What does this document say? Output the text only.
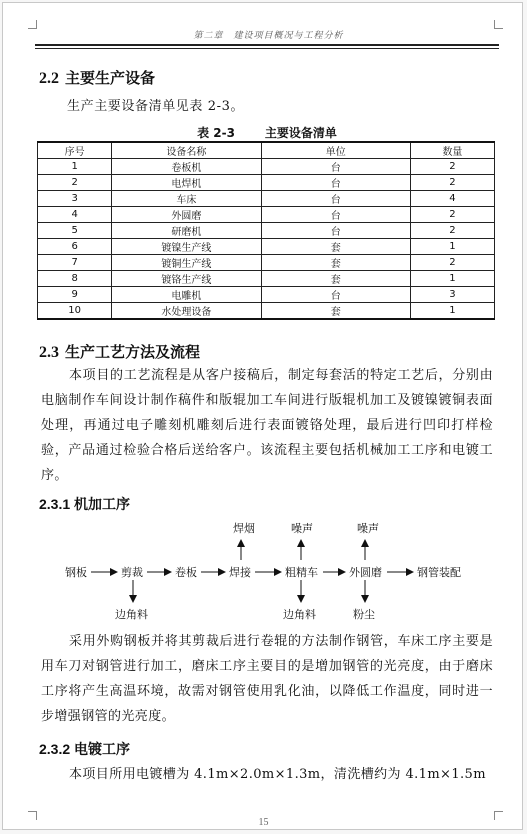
第二章　建设项目概况与工程分析
2.2 主要生产设备
生产主要设备清单见表 2-3。
表 2-3	主要设备清单
序号	设备名称	单位	数量
1	卷板机	台	2
2	电焊机	台	2
3	车床	台	4
4	外圆磨	台	2
5	研磨机	台	2
6	镀镍生产线	套	1
7	镀铜生产线	套	2
8	镀铬生产线	套	1
9	电雕机	台	3
10	水处理设备	套	1
2.3 生产工艺方法及流程
本项目的工艺流程是从客户接稿后，制定每套活的特定工艺后，分别由电脑制作车间设计制作稿件和版辊加工车间进行版辊机加工及镀镍镀铜表面处理，再通过电子雕刻机雕刻后进行表面镀铬处理，最后进行凹印打样检验，产品通过检验合格后送给客户。该流程主要包括机械加工工序和电镀工序。
2.3.1 机加工序
钢板	剪裁	卷板	焊接	粗精车	外圆磨	钢管装配
焊烟	噪声	噪声
边角料	边角料	粉尘
采用外购钢板并将其剪裁后进行卷辊的方法制作钢管，车床工序主要是用车刀对钢管进行加工，磨床工序主要目的是增加钢管的光亮度，由于磨床工序将产生高温环境，故需对钢管使用乳化油，以降低工作温度，同时进一步增强钢管的光亮度。
2.3.2 电镀工序
本项目所用电镀槽为 4.1m×2.0m×1.3m，清洗槽约为 4.1m×1.5m
15
